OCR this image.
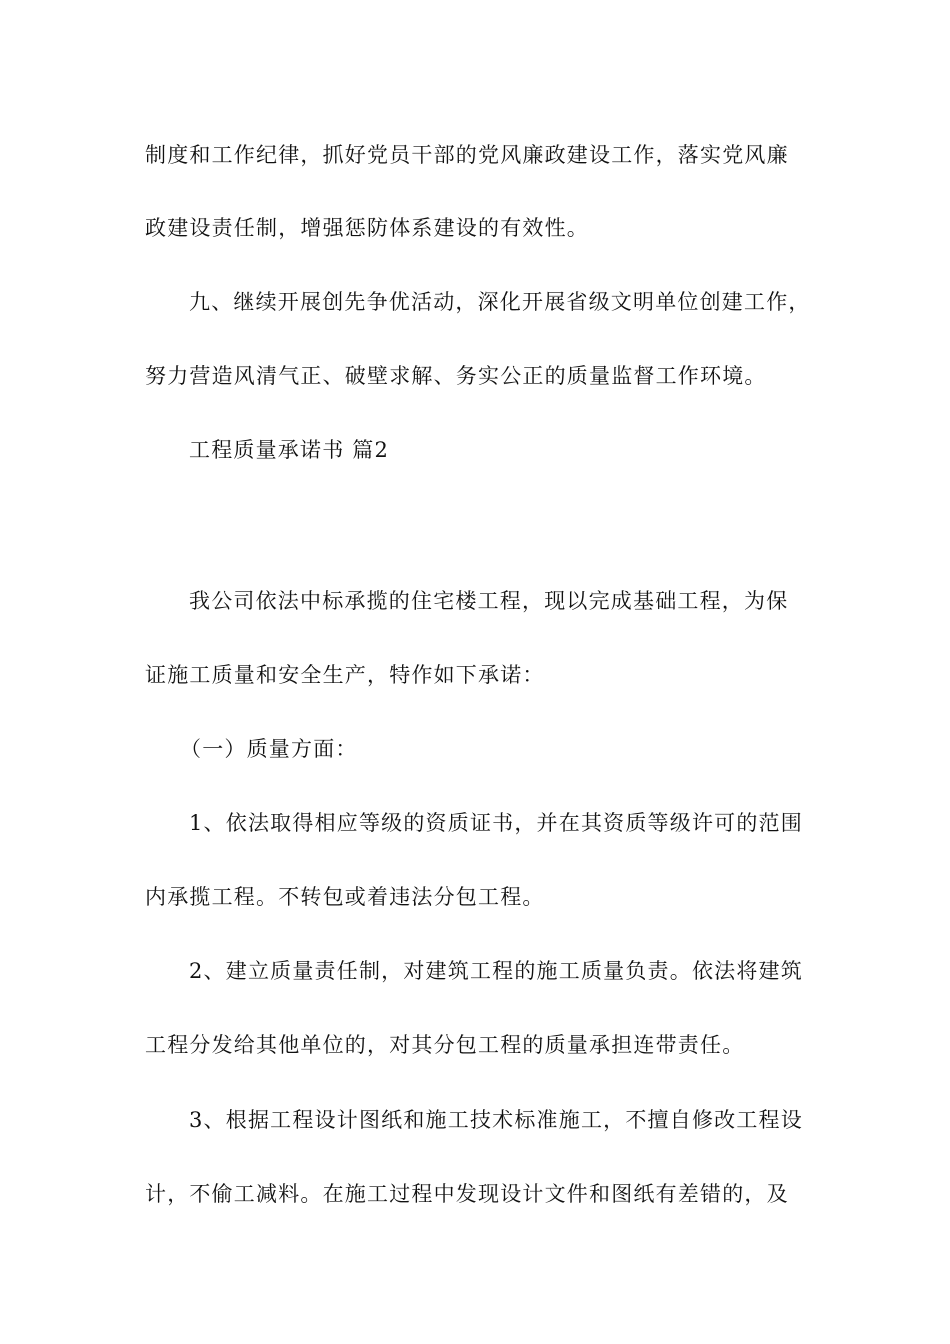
制度和工作纪律，抓好党员干部的党风廉政建设工作，落实党风廉
政建设责任制，增强惩防体系建设的有效性。
九、继续开展创先争优活动，深化开展省级文明单位创建工作，
努力营造风清气正、破壁求解、务实公正的质量监督工作环境。
工程质量承诺书 篇2
我公司依法中标承揽的住宅楼工程，现以完成基础工程，为保
证施工质量和安全生产，特作如下承诺：
（一）质量方面：
1、依法取得相应等级的资质证书，并在其资质等级许可的范围
内承揽工程。不转包或着违法分包工程。
2、建立质量责任制，对建筑工程的施工质量负责。依法将建筑
工程分发给其他单位的，对其分包工程的质量承担连带责任。
3、根据工程设计图纸和施工技术标准施工，不擅自修改工程设
计，不偷工减料。在施工过程中发现设计文件和图纸有差错的，及
